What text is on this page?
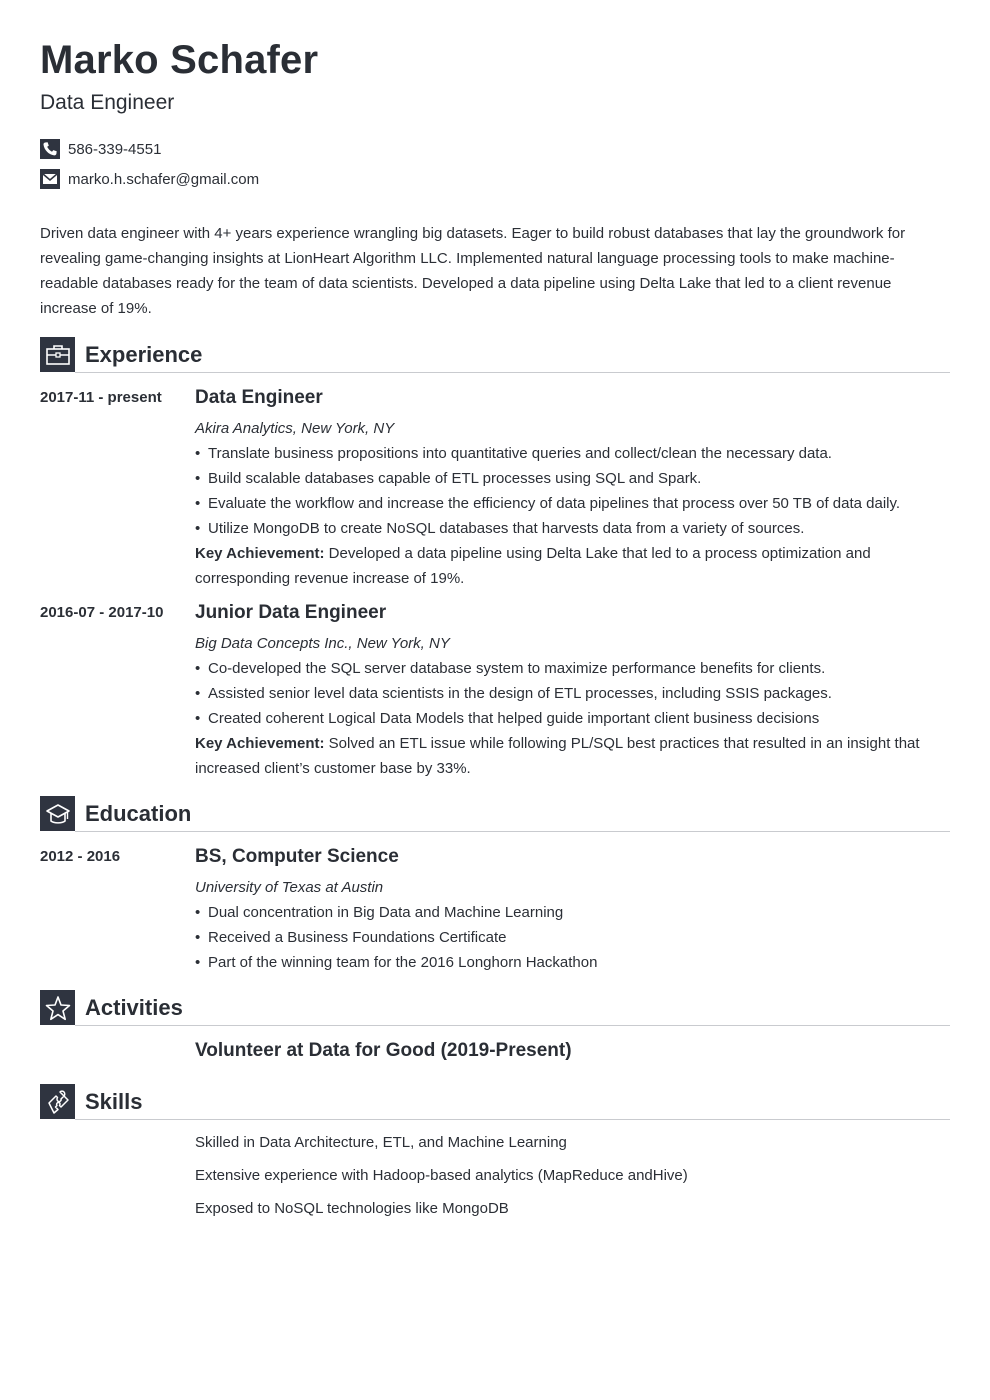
Marko Schafer
Data Engineer
586-339-4551
marko.h.schafer@gmail.com
Driven data engineer with 4+ years experience wrangling big datasets. Eager to build robust databases that lay the groundwork for revealing game-changing insights at LionHeart Algorithm LLC. Implemented natural language processing tools to make machine-readable databases ready for the team of data scientists. Developed a data pipeline using Delta Lake that led to a client revenue increase of 19%.
Experience
2017-11 - present Data Engineer
Akira Analytics, New York, NY
• Translate business propositions into quantitative queries and collect/clean the necessary data.
• Build scalable databases capable of ETL processes using SQL and Spark.
• Evaluate the workflow and increase the efficiency of data pipelines that process over 50 TB of data daily.
• Utilize MongoDB to create NoSQL databases that harvests data from a variety of sources.
Key Achievement: Developed a data pipeline using Delta Lake that led to a process optimization and corresponding revenue increase of 19%.
2016-07 - 2017-10 Junior Data Engineer
Big Data Concepts Inc., New York, NY
• Co-developed the SQL server database system to maximize performance benefits for clients.
• Assisted senior level data scientists in the design of ETL processes, including SSIS packages.
• Created coherent Logical Data Models that helped guide important client business decisions
Key Achievement: Solved an ETL issue while following PL/SQL best practices that resulted in an insight that increased client’s customer base by 33%.
Education
2012 - 2016	BS, Computer Science
University of Texas at Austin
• Dual concentration in Big Data and Machine Learning
• Received a Business Foundations Certificate
• Part of the winning team for the 2016 Longhorn Hackathon
Activities
Volunteer at Data for Good (2019-Present)
Skills
Skilled in Data Architecture, ETL, and Machine Learning
Extensive experience with Hadoop-based analytics (MapReduce andHive)
Exposed to NoSQL technologies like MongoDB
